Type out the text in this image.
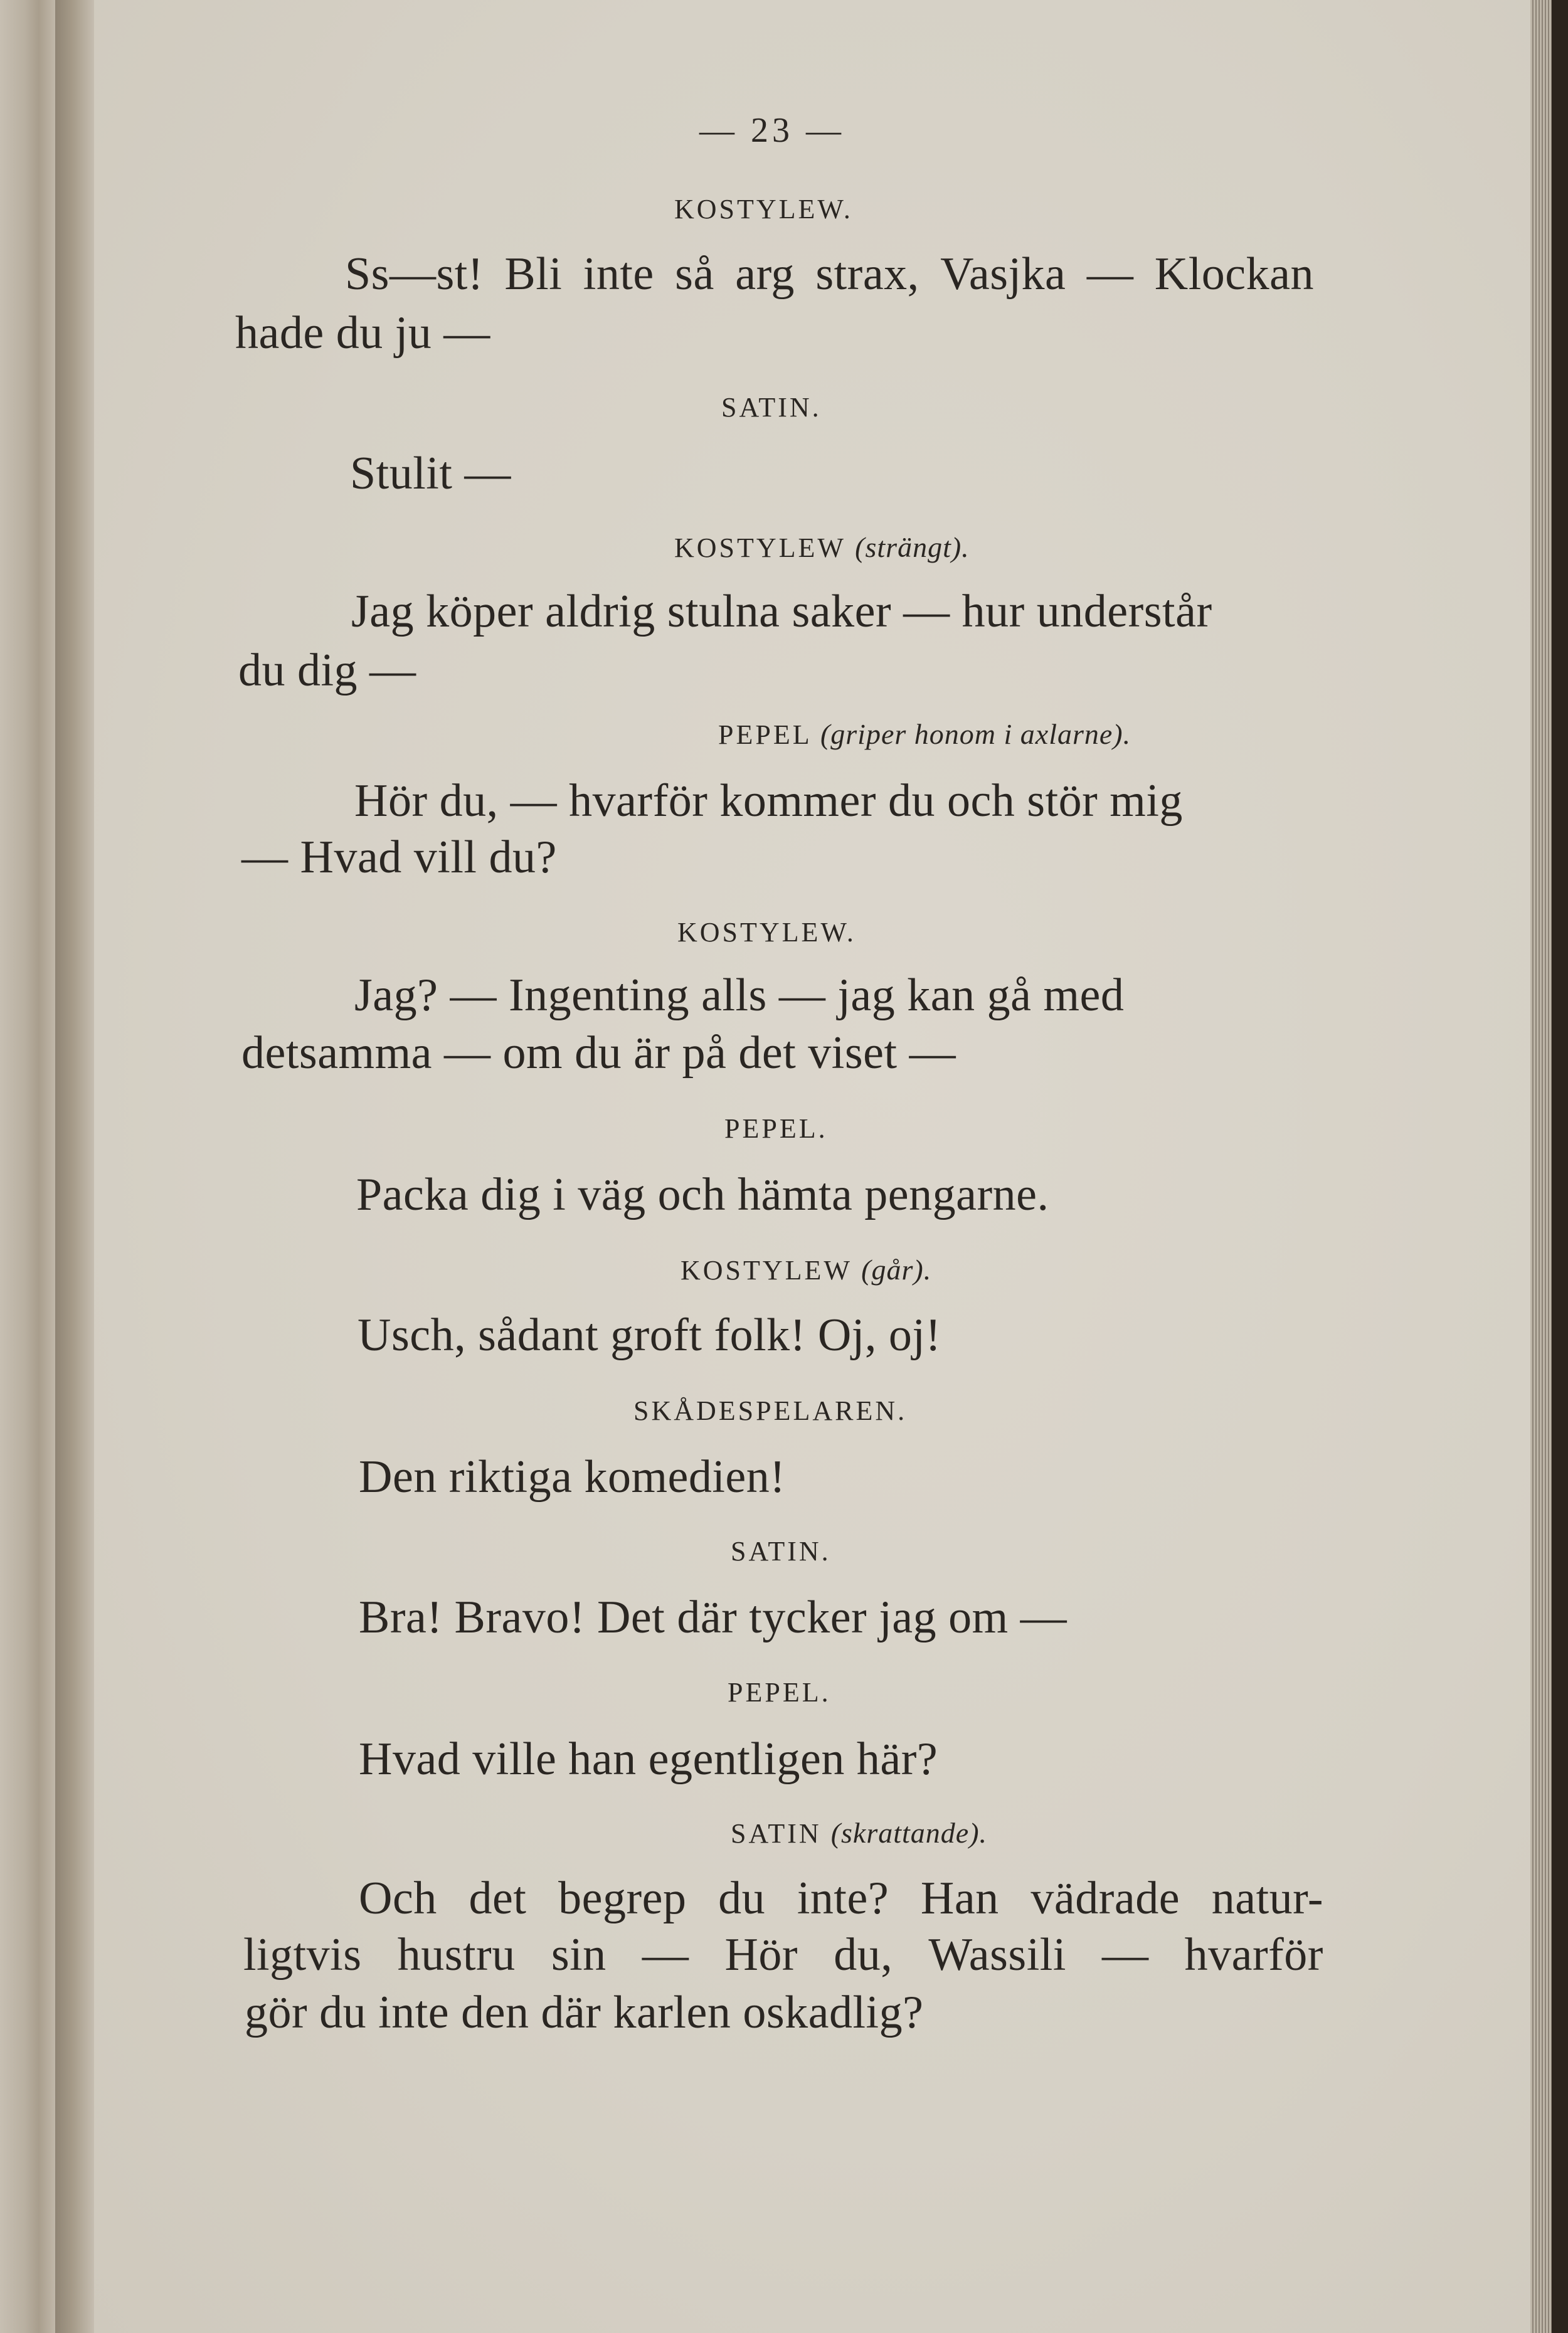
— 23 —
KOSTYLEW.
Ss—st! Bli inte så arg strax, Vasjka — Klockan
hade du ju —
SATIN.
Stulit —
KOSTYLEW (strängt).
Jag köper aldrig stulna saker — hur understår
du dig —
PEPEL (griper honom i axlarne).
Hör du, — hvarför kommer du och stör mig
— Hvad vill du?
KOSTYLEW.
Jag? — Ingenting alls — jag kan gå med
detsamma — om du är på det viset —
PEPEL.
Packa dig i väg och hämta pengarne.
KOSTYLEW (går).
Usch, sådant groft folk! Oj, oj!
SKÅDESPELAREN.
Den riktiga komedien!
SATIN.
Bra! Bravo! Det där tycker jag om —
PEPEL.
Hvad ville han egentligen här?
SATIN (skrattande).
Och det begrep du inte? Han vädrade natur-
ligtvis hustru sin — Hör du, Wassili — hvarför
gör du inte den där karlen oskadlig?
